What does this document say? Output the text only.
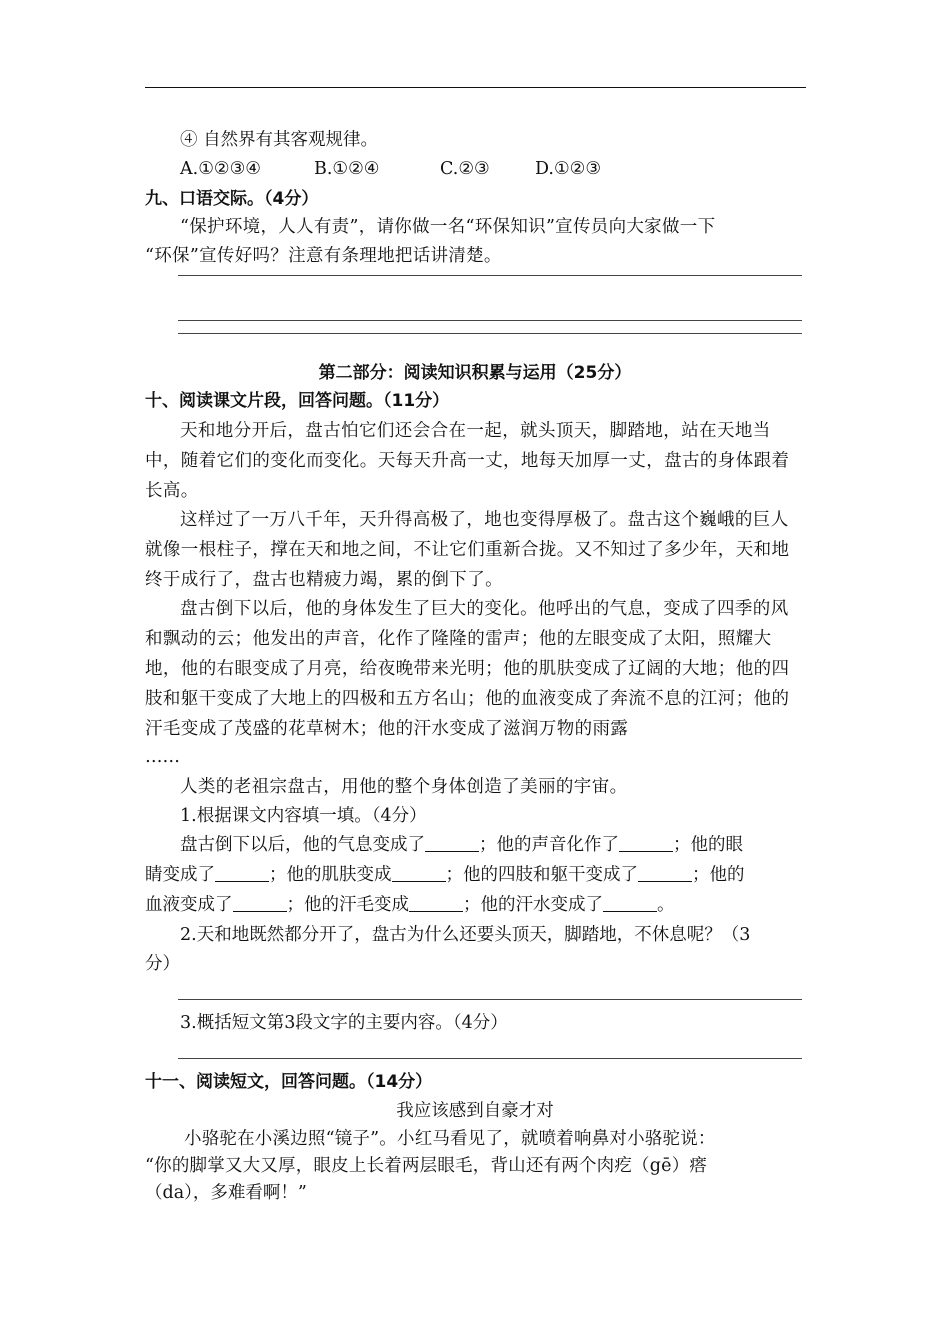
④ 自然界有其客观规律。
A.①②③④	B.①②④	C.②③	D.①②③
九、口语交际。（4分）
“保护环境，人人有责”，请你做一名“环保知识”宣传员向大家做一下
“环保”宣传好吗？注意有条理地把话讲清楚。
第二部分：阅读知识积累与运用（25分）
十、阅读课文片段，回答问题。（11分）
天和地分开后，盘古怕它们还会合在一起，就头顶天，脚踏地，站在天地当中，随着它们的变化而变化。天每天升高一丈，地每天加厚一丈，盘古的身体跟着长高。
这样过了一万八千年，天升得高极了，地也变得厚极了。盘古这个巍峨的巨人就像一根柱子，撑在天和地之间，不让它们重新合拢。又不知过了多少年，天和地终于成行了，盘古也精疲力竭，累的倒下了。
盘古倒下以后，他的身体发生了巨大的变化。他呼出的气息，变成了四季的风和飘动的云；他发出的声音，化作了隆隆的雷声；他的左眼变成了太阳，照耀大地，他的右眼变成了月亮，给夜晚带来光明；他的肌肤变成了辽阔的大地；他的四肢和躯干变成了大地上的四极和五方名山；他的血液变成了奔流不息的江河；他的汗毛变成了茂盛的花草树木；他的汗水变成了滋润万物的雨露
……
人类的老祖宗盘古，用他的整个身体创造了美丽的宇宙。
1.根据课文内容填一填。（4分）
盘古倒下以后，他的气息变成了	；他的声音化作了	；他的眼
睛变成了	；他的肌肤变成	；他的四肢和躯干变成了	；他的
血液变成了	；他的汗毛变成	；他的汗水变成了	。
2.天和地既然都分开了，盘古为什么还要头顶天，脚踏地，不休息呢？（3
分）
3.概括短文第3段文字的主要内容。（4分）
十一、阅读短文，回答问题。（14分）
我应该感到自豪才对
小骆驼在小溪边照“镜子”。小红马看见了，就喷着响鼻对小骆驼说：
“你的脚掌又大又厚，眼皮上长着两层眼毛，背山还有两个肉疙（gē）瘩
（da），多难看啊！”
